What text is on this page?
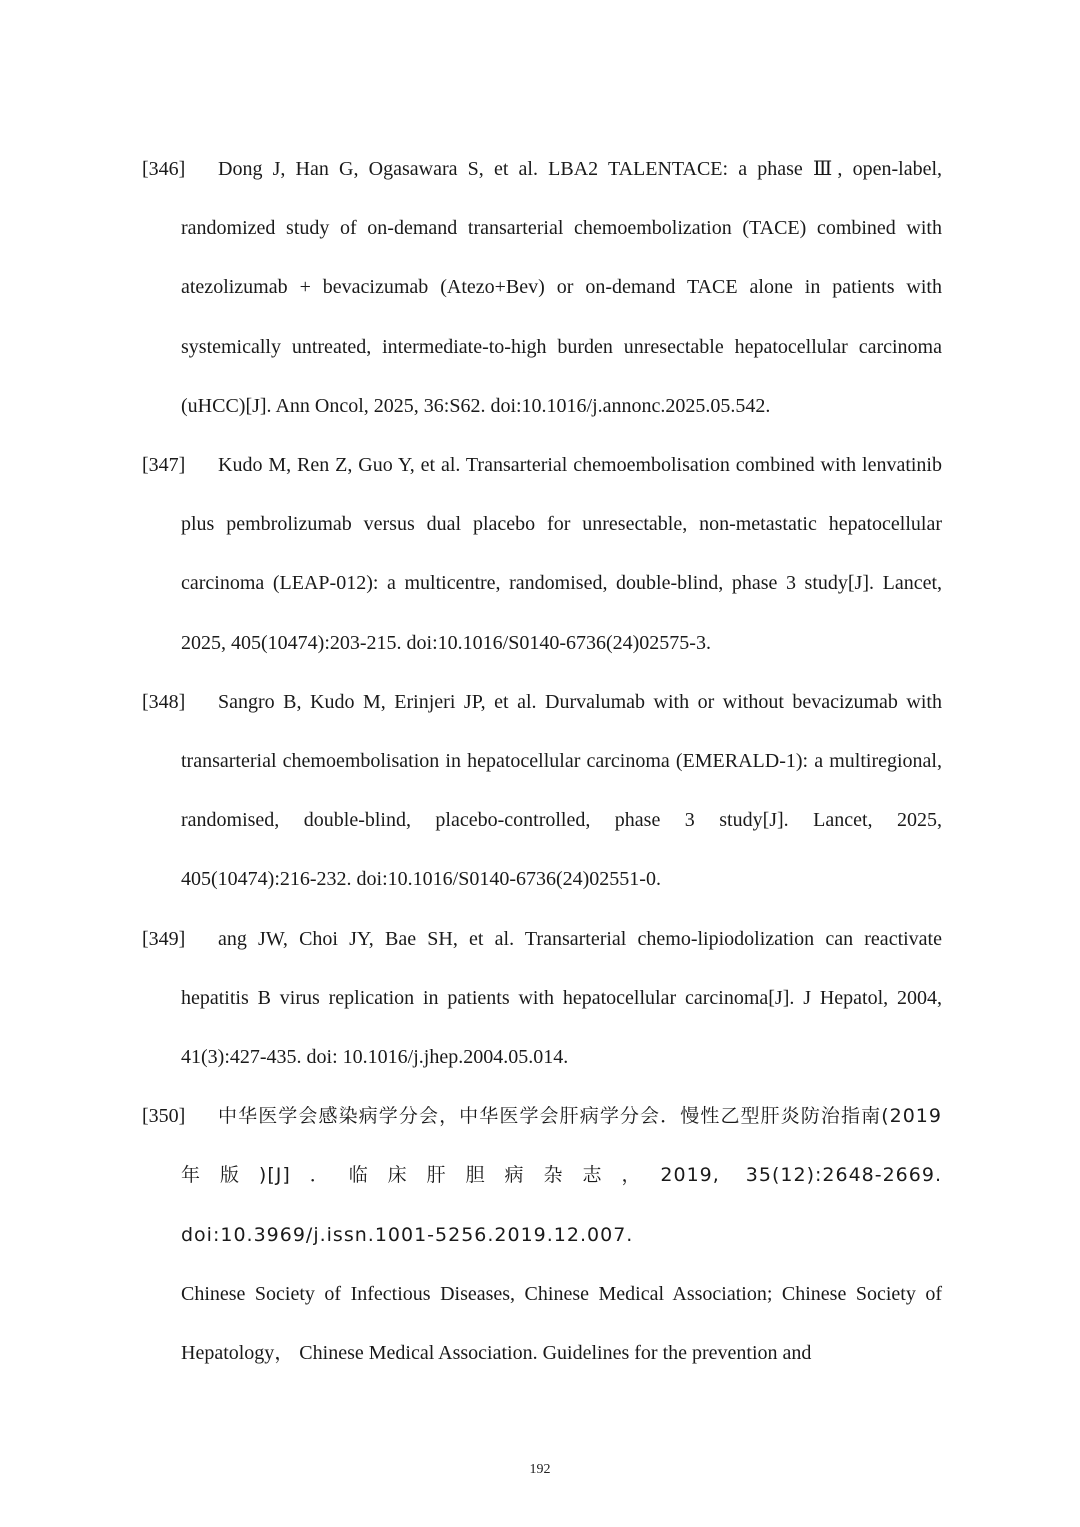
[346]	Dong J, Han G, Ogasawara S, et al. LBA2 TALENTACE: a phase Ⅲ, open-label, randomized study of on-demand transarterial chemoembolization (TACE) combined with atezolizumab + bevacizumab (Atezo+Bev) or on-demand TACE alone in patients with systemically untreated, intermediate-to-high burden unresectable hepatocellular carcinoma (uHCC)[J]. Ann Oncol, 2025, 36:S62. doi:10.1016/j.annonc.2025.05.542.
[347]	Kudo M, Ren Z, Guo Y, et al. Transarterial chemoembolisation combined with lenvatinib plus pembrolizumab versus dual placebo for unresectable, non-metastatic hepatocellular carcinoma (LEAP-012): a multicentre, randomised, double-blind, phase 3 study[J]. Lancet, 2025, 405(10474):203-215. doi:10.1016/S0140-6736(24)02575-3.
[348]	Sangro B, Kudo M, Erinjeri JP, et al. Durvalumab with or without bevacizumab with transarterial chemoembolisation in hepatocellular carcinoma (EMERALD-1): a multiregional, randomised, double-blind, placebo-controlled, phase 3 study[J]. Lancet, 2025, 405(10474):216-232. doi:10.1016/S0140-6736(24)02551-0.
[349]	ang JW, Choi JY, Bae SH, et al. Transarterial chemo-lipiodolization can reactivate hepatitis B virus replication in patients with hepatocellular carcinoma[J]. J Hepatol, 2004, 41(3):427-435. doi: 10.1016/j.jhep.2004.05.014.
[350]	中华医学会感染病学分会，中华医学会肝病学分会．慢性乙型肝炎防治指南(2019 年版)[J]．临床肝胆病杂志，2019, 35(12):2648-2669. doi:10.3969/j.issn.1001-5256.2019.12.007.
Chinese Society of Infectious Diseases, Chinese Medical Association; Chinese Society of Hepatology， Chinese Medical Association. Guidelines for the prevention and
192
